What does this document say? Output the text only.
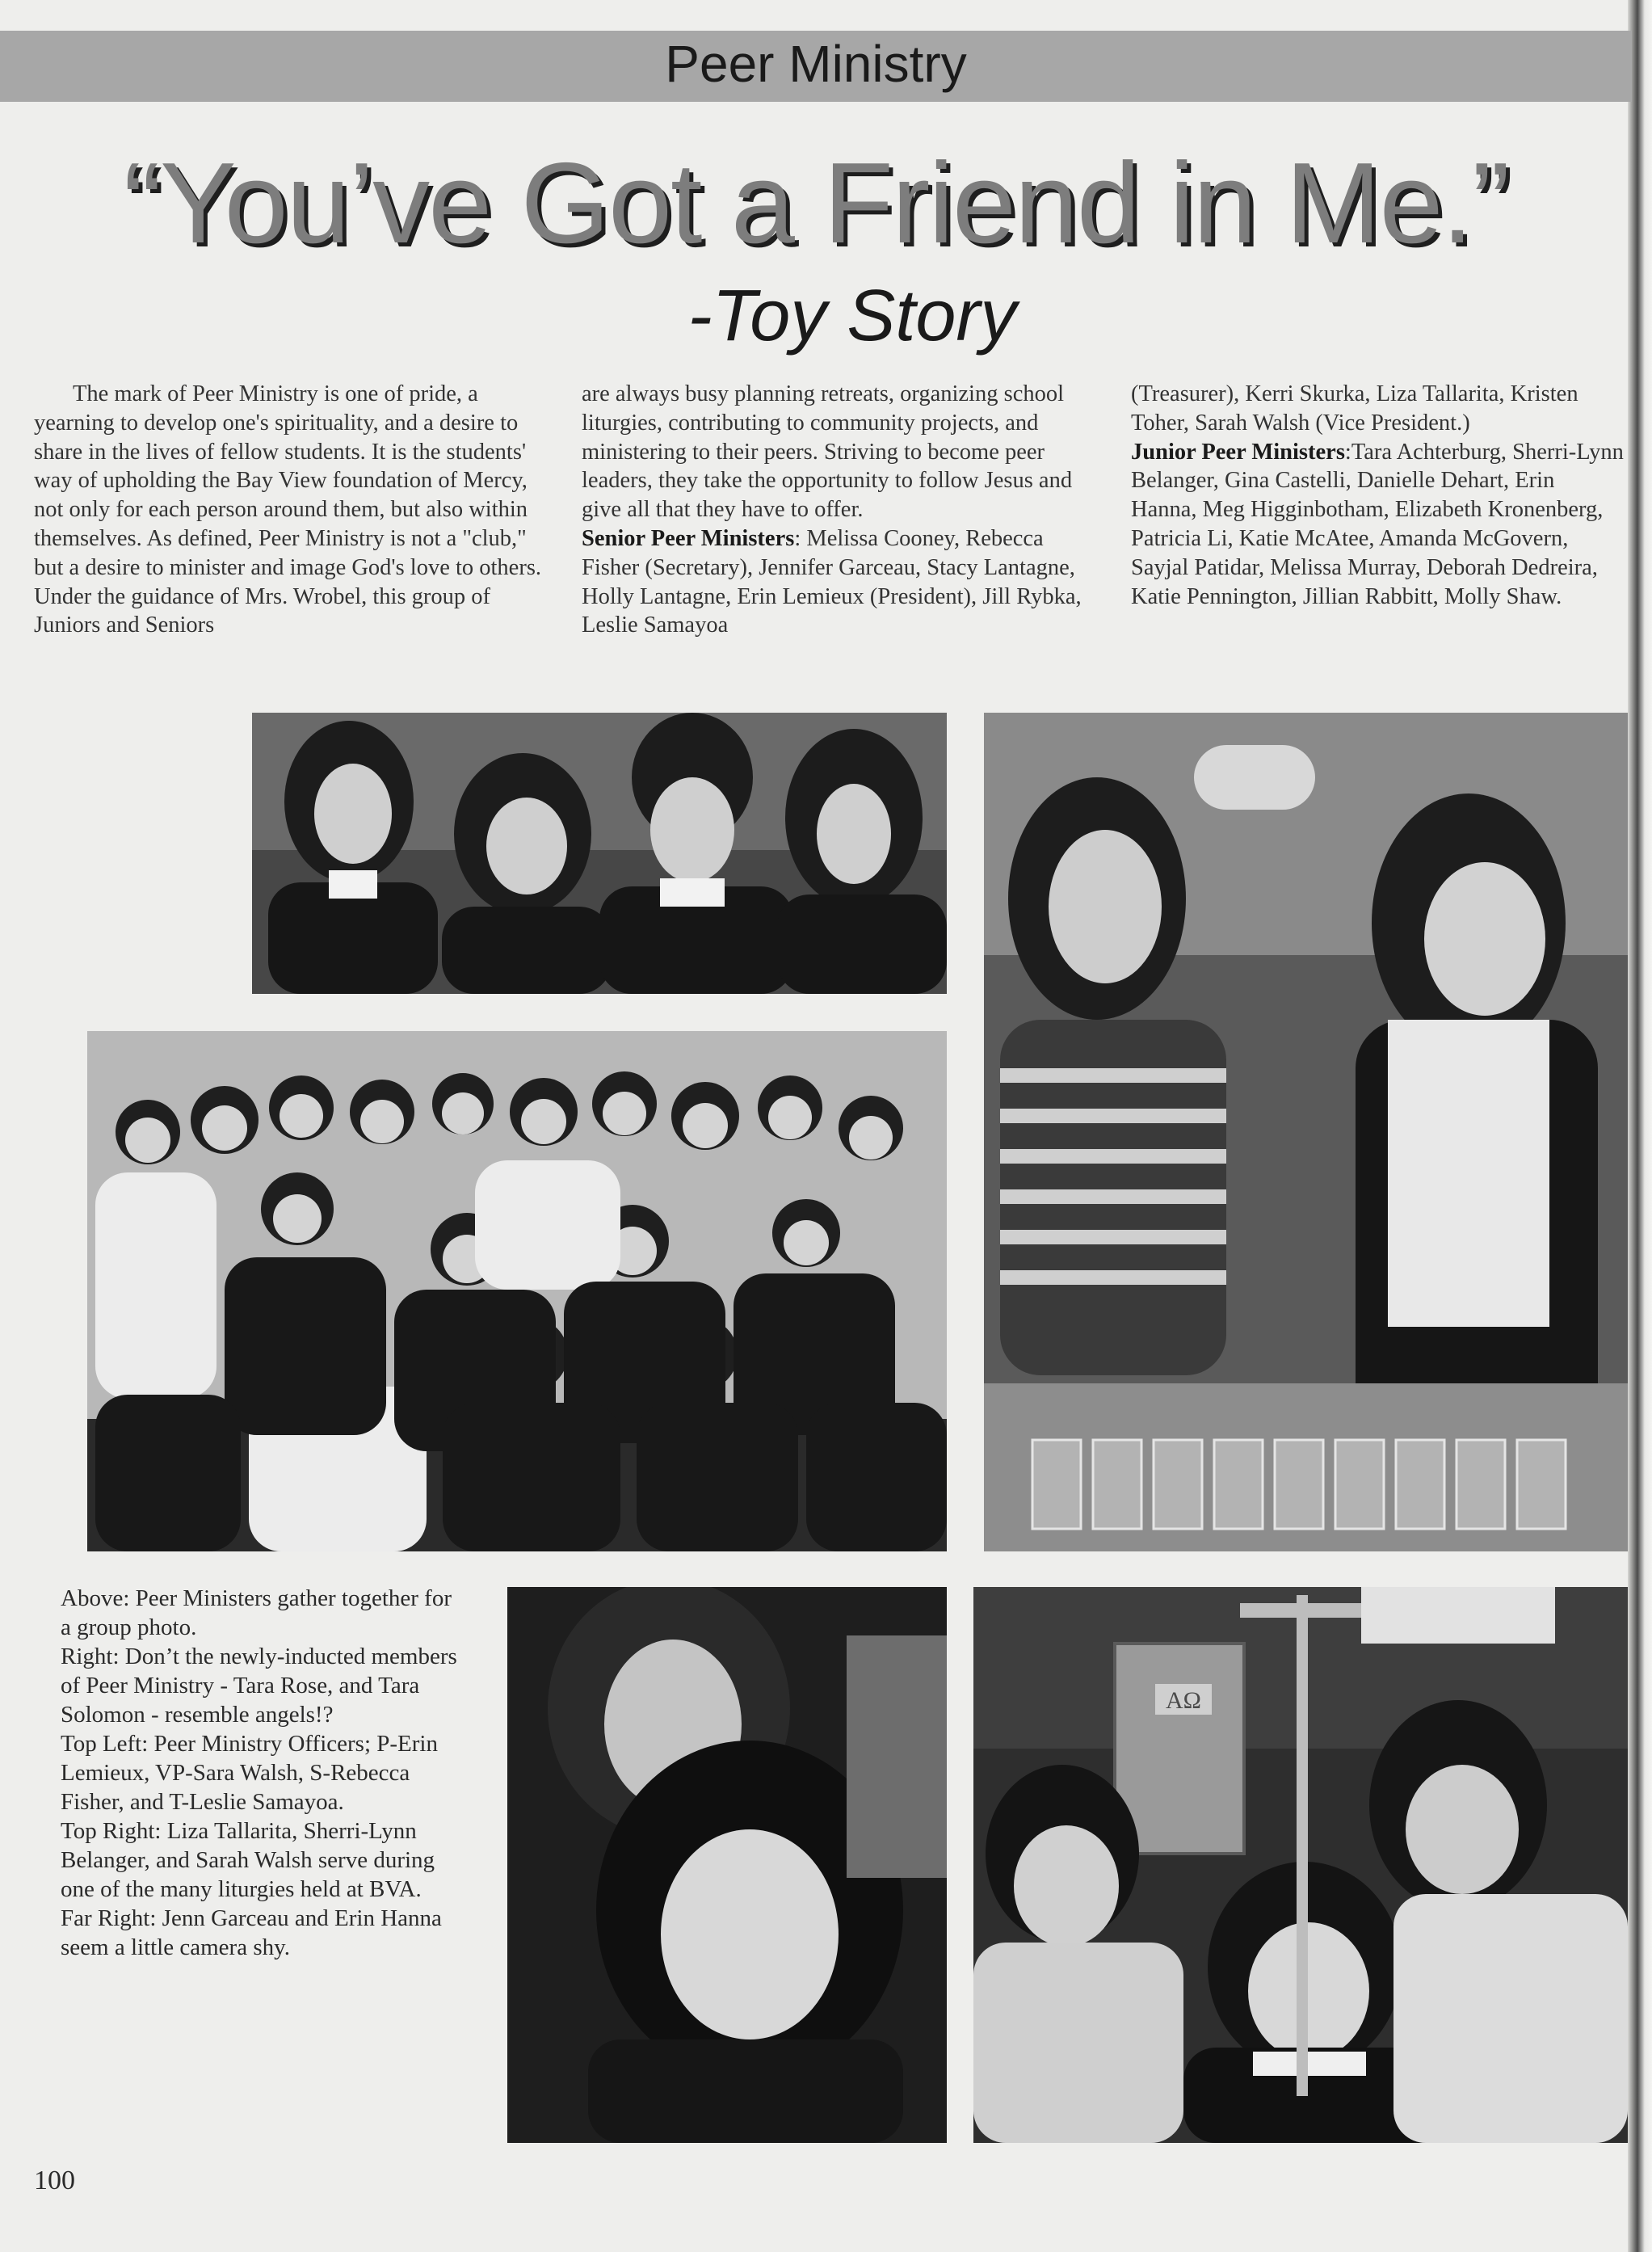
Peer Ministry
“You’ve Got a Friend in Me.”
-Toy Story

The mark of Peer Ministry is one of pride, a yearning to develop one's spirituality, and a desire to share in the lives of fellow students. It is the students' way of upholding the Bay View foundation of Mercy, not only for each person around them, but also within themselves. As defined, Peer Ministry is not a "club," but a desire to minister and image God's love to others. Under the guidance of Mrs. Wrobel, this group of Juniors and Seniors

are always busy planning retreats, organizing school liturgies, contributing to community projects, and ministering to their peers. Striving to become peer leaders, they take the opportunity to follow Jesus and give all that they have to offer.

Senior Peer Ministers: Melissa Cooney, Rebecca Fisher (Secretary), Jennifer Garceau, Stacy Lantagne, Holly Lantagne, Erin Lemieux (President), Jill Rybka, Leslie Samayoa

(Treasurer), Kerri Skurka, Liza Tallarita, Kristen Toher, Sarah Walsh (Vice President.)

Junior Peer Ministers:Tara Achterburg, Sherri-Lynn Belanger, Gina Castelli, Danielle Dehart, Erin Hanna, Meg Higginbotham, Elizabeth Kronenberg, Patricia Li, Katie McAtee, Amanda McGovern, Sayjal Patidar, Melissa Murray, Deborah Dedreira, Katie Pennington, Jillian Rabbitt, Molly Shaw.

AΩ

Above: Peer Ministers gather together for a group photo.

Right: Don’t the newly-inducted members of Peer Ministry - Tara Rose, and Tara Solomon - resemble angels!?

Top Left: Peer Ministry Officers; P-Erin Lemieux, VP-Sara Walsh, S-Rebecca Fisher, and T-Leslie Samayoa.

Top Right: Liza Tallarita, Sherri-Lynn Belanger, and Sarah Walsh serve during one of the many liturgies held at BVA.

Far Right: Jenn Garceau and Erin Hanna seem a little camera shy.

100
